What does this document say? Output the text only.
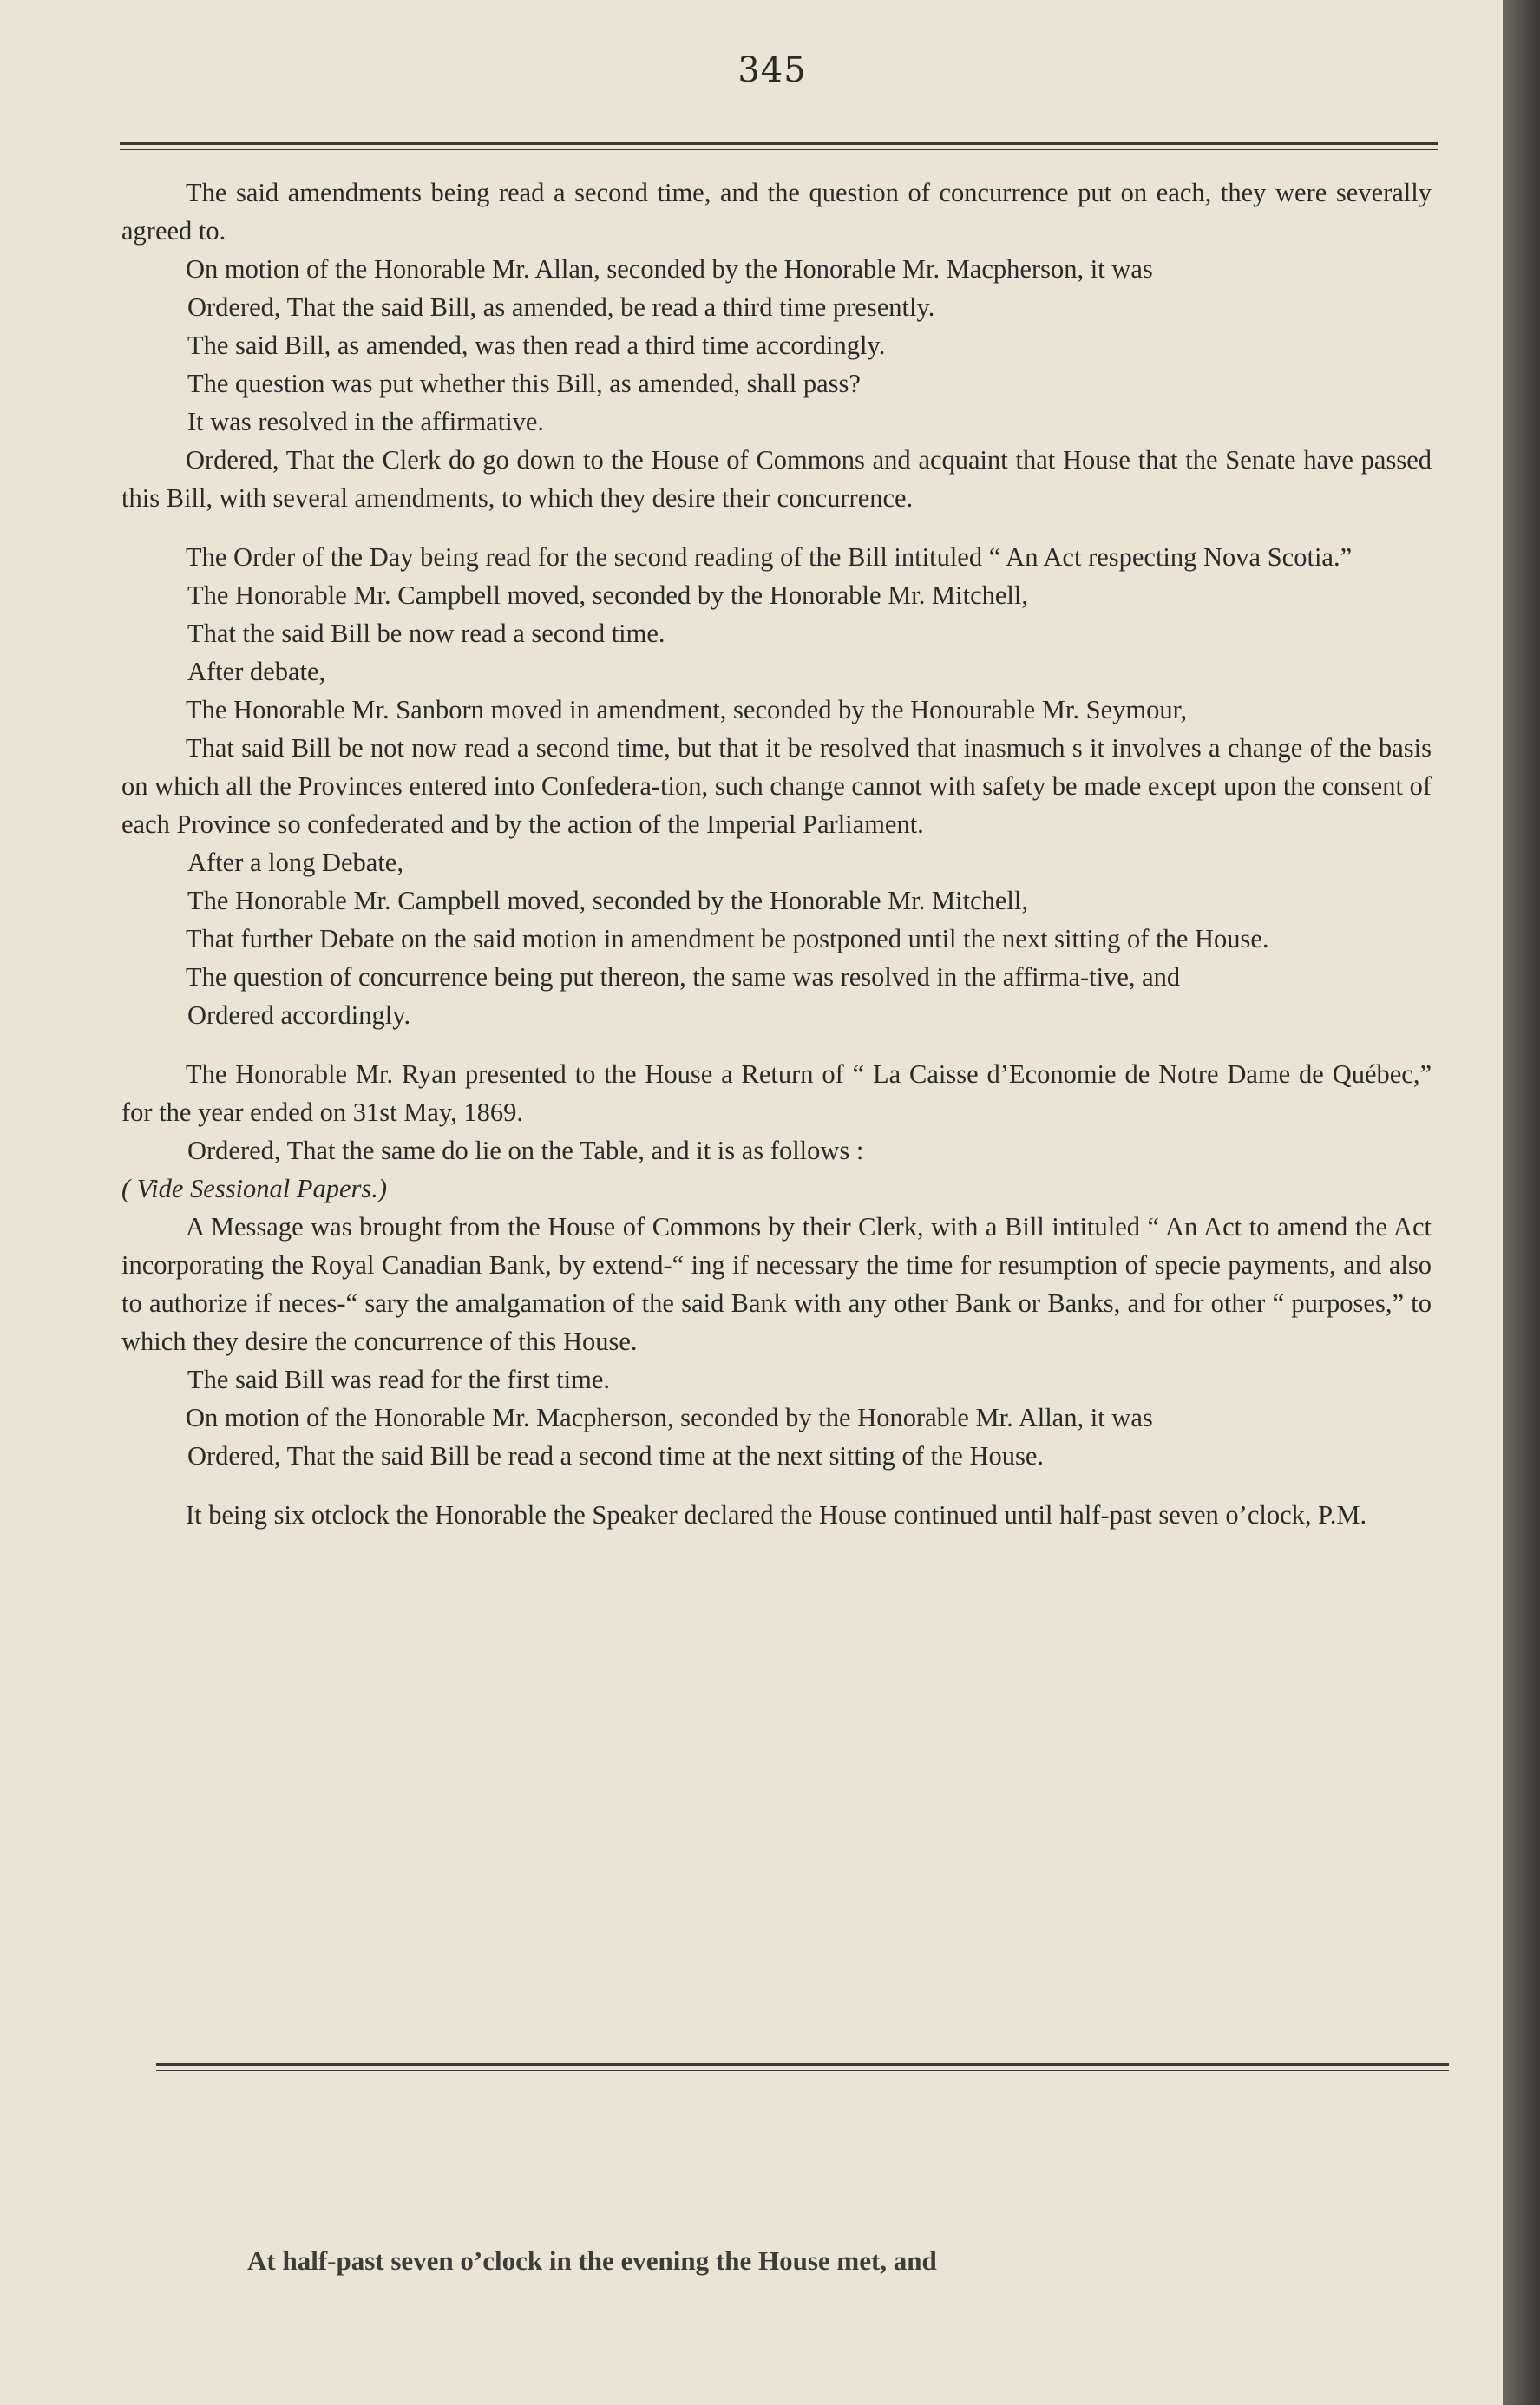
345

The said amendments being read a second time, and the question of concurrence put on each, they were severally agreed to.

On motion of the Honorable Mr. Allan, seconded by the Honorable Mr. Macpherson, it was

Ordered, That the said Bill, as amended, be read a third time presently.

The said Bill, as amended, was then read a third time accordingly.

The question was put whether this Bill, as amended, shall pass?

It was resolved in the affirmative.

Ordered, That the Clerk do go down to the House of Commons and acquaint that House that the Senate have passed this Bill, with several amendments, to which they desire their concurrence.

The Order of the Day being read for the second reading of the Bill intituled “ An Act respecting Nova Scotia.”

The Honorable Mr. Campbell moved, seconded by the Honorable Mr. Mitchell,

That the said Bill be now read a second time.

After debate,

The Honorable Mr. Sanborn moved in amendment, seconded by the Honourable Mr. Seymour,

That said Bill be not now read a second time, but that it be resolved that inasmuch s it involves a change of the basis on which all the Provinces entered into Confedera-tion, such change cannot with safety be made except upon the consent of each Province so confederated and by the action of the Imperial Parliament.

After a long Debate,

The Honorable Mr. Campbell moved, seconded by the Honorable Mr. Mitchell,

That further Debate on the said motion in amendment be postponed until the next sitting of the House.

The question of concurrence being put thereon, the same was resolved in the affirma-tive, and

Ordered accordingly.

The Honorable Mr. Ryan presented to the House a Return of “ La Caisse d’Economie de Notre Dame de Québec,” for the year ended on 31st May, 1869.

Ordered, That the same do lie on the Table, and it is as follows :

( Vide Sessional Papers.)

A Message was brought from the House of Commons by their Clerk, with a Bill intituled “ An Act to amend the Act incorporating the Royal Canadian Bank, by extend-“ ing if necessary the time for resumption of specie payments, and also to authorize if neces-“ sary the amalgamation of the said Bank with any other Bank or Banks, and for other “ purposes,” to which they desire the concurrence of this House.

The said Bill was read for the first time.

On motion of the Honorable Mr. Macpherson, seconded by the Honorable Mr. Allan, it was

Ordered, That the said Bill be read a second time at the next sitting of the House.

It being six otclock the Honorable the Speaker declared the House continued until half-past seven o’clock, P.M.

At half-past seven o’clock in the evening the House met, and
